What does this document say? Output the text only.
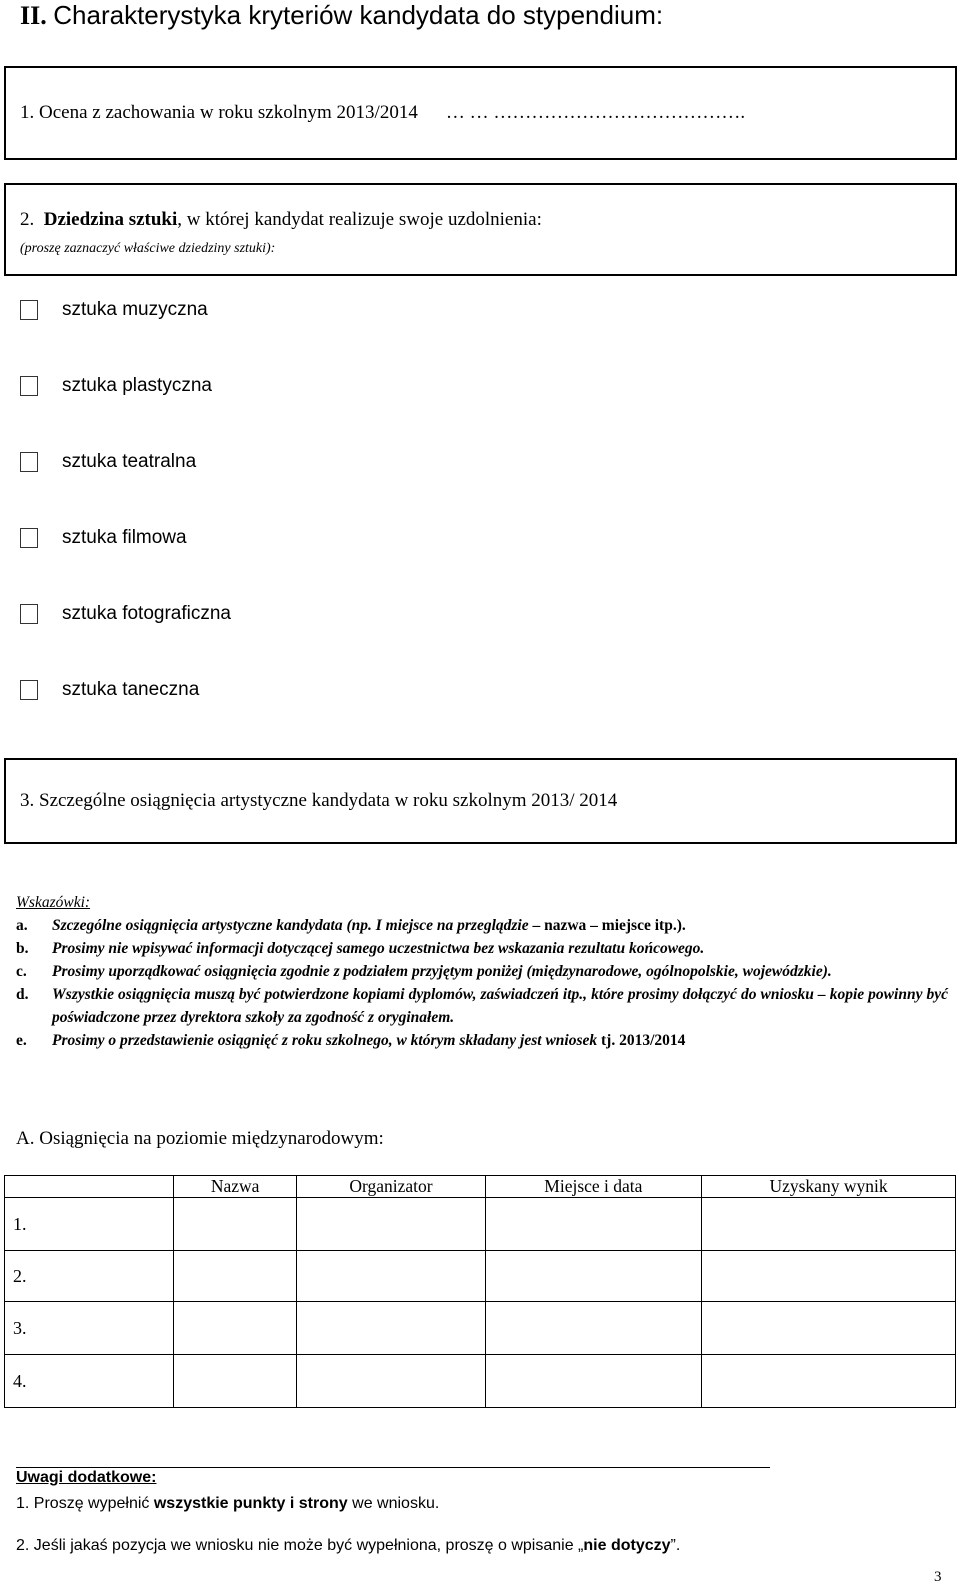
II. Charakterystyka kryteriów kandydata do stypendium:
1. Ocena z zachowania w roku szkolnym 2013/2014 … … ………………………………….
2. Dziedzina sztuki, w której kandydat realizuje swoje uzdolnienia:
(proszę zaznaczyć właściwe dziedziny sztuki):
sztuka muzyczna
sztuka plastyczna
sztuka teatralna
sztuka filmowa
sztuka fotograficzna
sztuka taneczna
3. Szczególne osiągnięcia artystyczne kandydata w roku szkolnym 2013/ 2014
Wskazówki:
a. Szczególne osiągnięcia artystyczne kandydata (np. I miejsce na przeglądzie – nazwa – miejsce itp.).
b. Prosimy nie wpisywać informacji dotyczącej samego uczestnictwa bez wskazania rezultatu końcowego.
c. Prosimy uporządkować osiągnięcia zgodnie z podziałem przyjętym poniżej (międzynarodowe, ogólnopolskie, wojewódzkie).
d. Wszystkie osiągnięcia muszą być potwierdzone kopiami dyplomów, zaświadczeń itp., które prosimy dołączyć do wniosku – kopie powinny być poświadczone przez dyrektora szkoły za zgodność z oryginałem.
e. Prosimy o przedstawienie osiągnięć z roku szkolnego, w którym składany jest wniosek tj. 2013/2014
A. Osiągnięcia na poziomie międzynarodowym:
	Nazwa	Organizator	Miejsce i data	Uzyskany wynik
1.				
2.				
3.				
4.				
Uwagi dodatkowe:
1. Proszę wypełnić wszystkie punkty i strony we wniosku.
2. Jeśli jakaś pozycja we wniosku nie może być wypełniona, proszę o wpisanie „nie dotyczy”.
3
